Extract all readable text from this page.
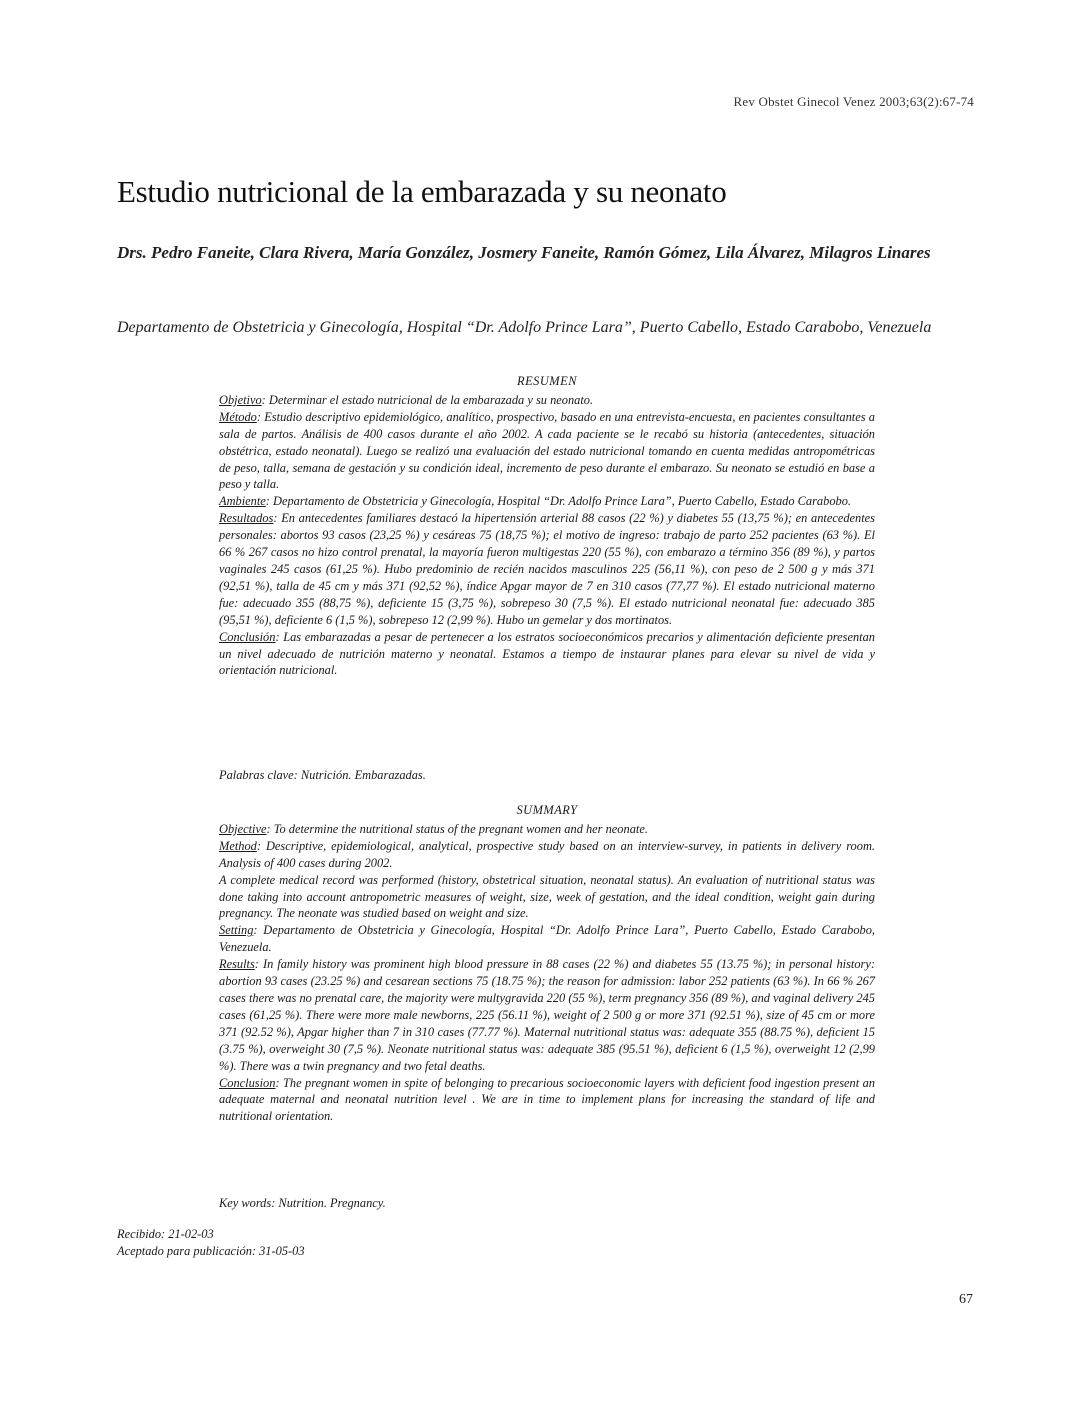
Rev Obstet Ginecol Venez 2003;63(2):67-74
Estudio nutricional de la embarazada y su neonato

Drs. Pedro Faneite, Clara Rivera, María González, Josmery Faneite, Ramón Gómez, Lila Álvarez, Milagros Linares

Departamento de Obstetricia y Ginecología, Hospital “Dr. Adolfo Prince Lara”, Puerto Cabello, Estado Carabobo, Venezuela

RESUMEN

Objetivo: Determinar el estado nutricional de la embarazada y su neonato.

Método: Estudio descriptivo epidemiológico, analítico, prospectivo, basado en una entrevista-encuesta, en pacientes consultantes a sala de partos. Análisis de 400 casos durante el año 2002. A cada paciente se le recabó su historia (antecedentes, situación obstétrica, estado neonatal). Luego se realizó una evaluación del estado nutricional tomando en cuenta medidas antropométricas de peso, talla, semana de gestación y su condición ideal, incremento de peso durante el embarazo. Su neonato se estudió en base a peso y talla.

Ambiente: Departamento de Obstetricia y Ginecología, Hospital “Dr. Adolfo Prince Lara”, Puerto Cabello, Estado Carabobo.

Resultados: En antecedentes familiares destacó la hipertensión arterial 88 casos (22 %) y diabetes 55 (13,75 %); en antecedentes personales: abortos 93 casos (23,25 %) y cesáreas 75 (18,75 %); el motivo de ingreso: trabajo de parto 252 pacientes (63 %). El 66 % 267 casos no hizo control prenatal, la mayoría fueron multigestas 220 (55 %), con embarazo a término 356 (89 %), y partos vaginales 245 casos (61,25 %). Hubo predominio de recién nacidos masculinos 225 (56,11 %), con peso de 2 500 g y más 371 (92,51 %), talla de 45 cm y más 371 (92,52 %), índice Apgar mayor de 7 en 310 casos (77,77 %). El estado nutricional materno fue: adecuado 355 (88,75 %), deficiente 15 (3,75 %), sobrepeso 30 (7,5 %). El estado nutricional neonatal fue: adecuado 385 (95,51 %), deficiente 6 (1,5 %), sobrepeso 12 (2,99 %). Hubo un gemelar y dos mortinatos.

Conclusión: Las embarazadas a pesar de pertenecer a los estratos socioeconómicos precarios y alimentación deficiente presentan un nivel adecuado de nutrición materno y neonatal. Estamos a tiempo de instaurar planes para elevar su nivel de vida y orientación nutricional.

Palabras clave: Nutrición. Embarazadas.
SUMMARY

Objective: To determine the nutritional status of the pregnant women and her neonate.

Method: Descriptive, epidemiological, analytical, prospective study based on an interview-survey, in patients in delivery room. Analysis of 400 cases during 2002.

A complete medical record was performed (history, obstetrical situation, neonatal status). An evaluation of nutritional status was done taking into account antropometric measures of weight, size, week of gestation, and the ideal condition, weight gain during pregnancy. The neonate was studied based on weight and size.

Setting: Departamento de Obstetricia y Ginecología, Hospital “Dr. Adolfo Prince Lara”, Puerto Cabello, Estado Carabobo, Venezuela.

Results: In family history was prominent high blood pressure in 88 cases (22 %) and diabetes 55 (13.75 %); in personal history: abortion 93 cases (23.25 %) and cesarean sections 75 (18.75 %); the reason for admission: labor 252 patients (63 %). In 66 % 267 cases there was no prenatal care, the majority were multygravida 220 (55 %), term pregnancy 356 (89 %), and vaginal delivery 245 cases (61,25 %). There were more male newborns, 225 (56.11 %), weight of 2 500 g or more 371 (92.51 %), size of 45 cm or more 371 (92.52 %), Apgar higher than 7 in 310 cases (77.77 %). Maternal nutritional status was: adequate 355 (88.75 %), deficient 15 (3.75 %), overweight 30 (7,5 %). Neonate nutritional status was: adequate 385 (95.51 %), deficient 6 (1,5 %), overweight 12 (2,99 %). There was a twin pregnancy and two fetal deaths.

Conclusion: The pregnant women in spite of belonging to precarious socioeconomic layers with deficient food ingestion present an adequate maternal and neonatal nutrition level . We are in time to implement plans for increasing the standard of life and nutritional orientation.

Key words: Nutrition. Pregnancy.
Recibido: 21-02-03
Aceptado para publicación: 31-05-03
67
